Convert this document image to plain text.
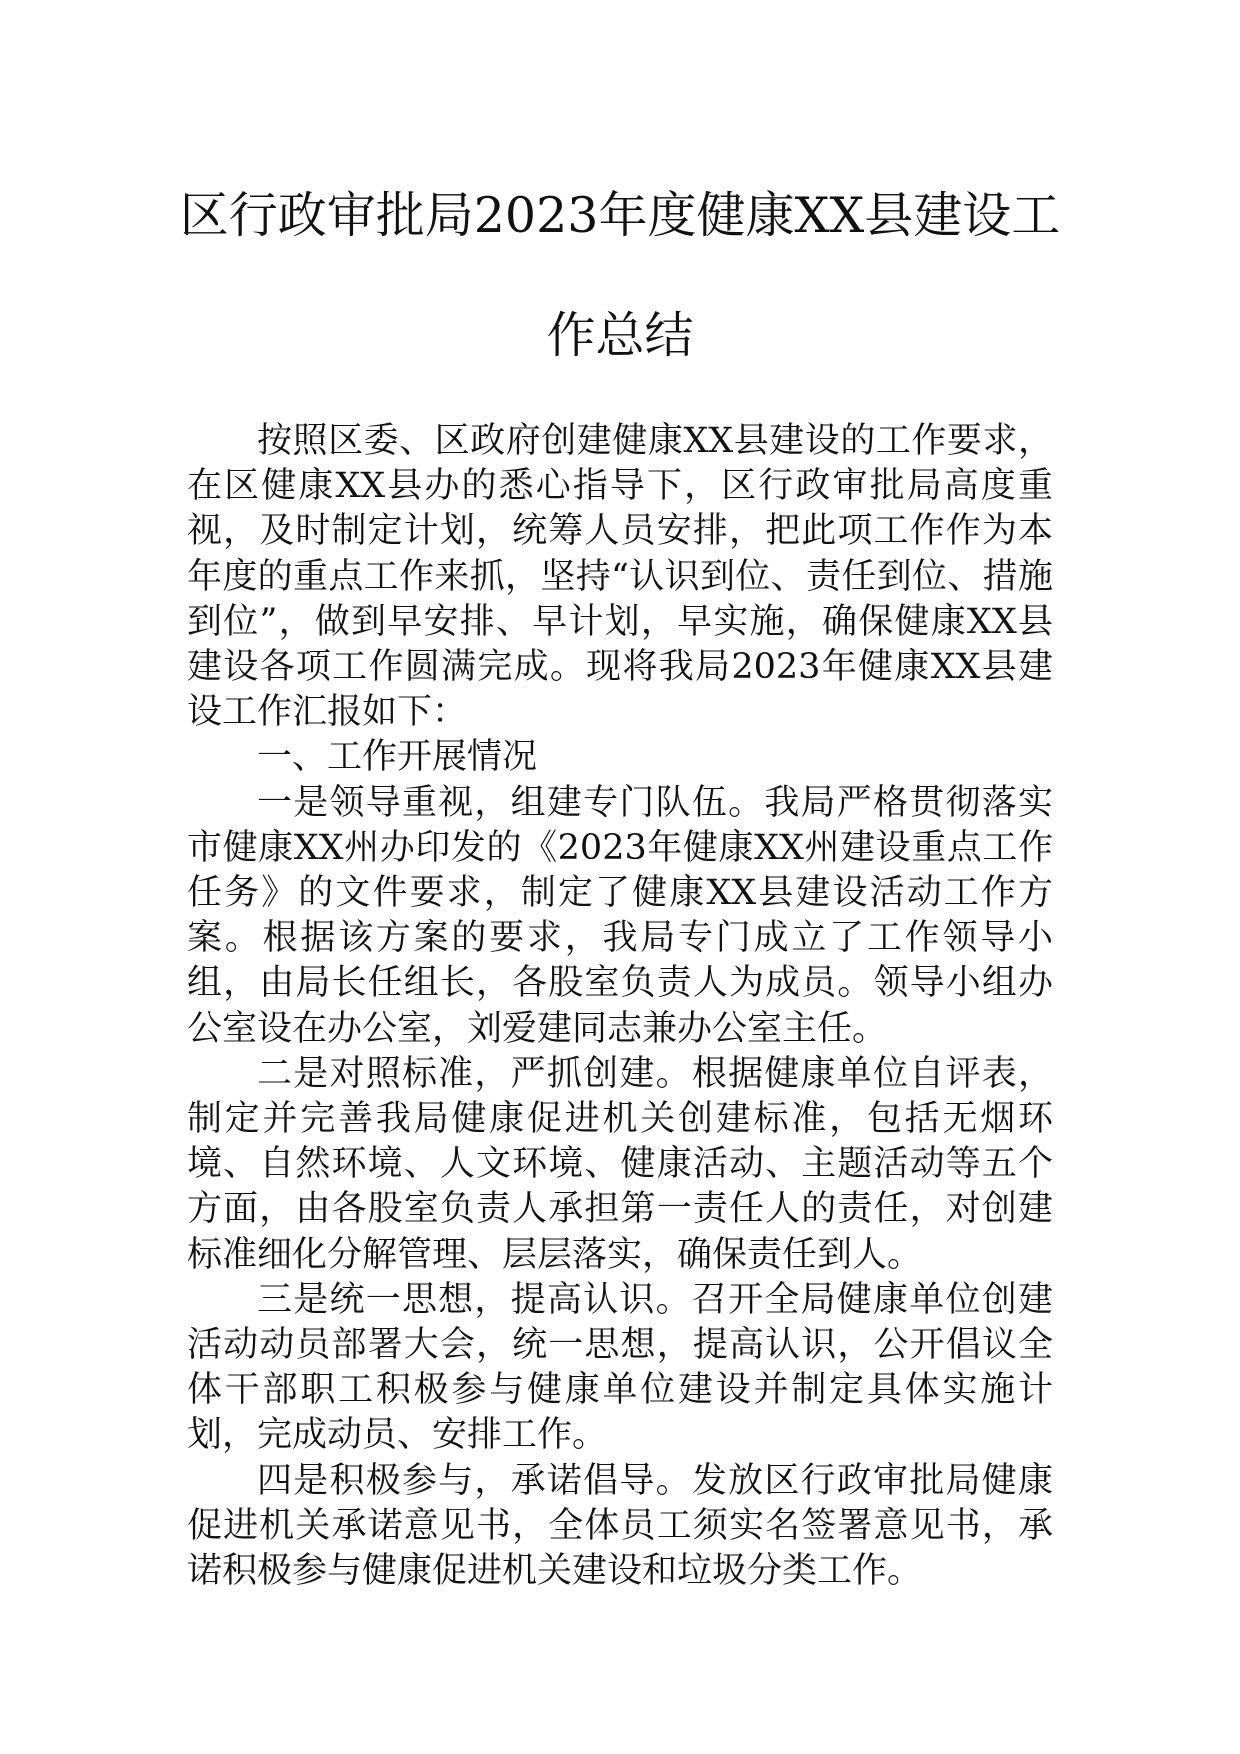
区行政审批局2023年度健康XX县建设工
作总结

按照区委、区政府创建健康XX县建设的工作要求，在区健康XX县办的悉心指导下，区行政审批局高度重视，及时制定计划，统筹人员安排，把此项工作作为本年度的重点工作来抓，坚持“认识到位、责任到位、措施到位”，做到早安排、早计划，早实施，确保健康XX县建设各项工作圆满完成。现将我局2023年健康XX县建设工作汇报如下：

一、工作开展情况

一是领导重视，组建专门队伍。我局严格贯彻落实市健康XX州办印发的《2023年健康XX州建设重点工作任务》的文件要求，制定了健康XX县建设活动工作方案。根据该方案的要求，我局专门成立了工作领导小组，由局长任组长，各股室负责人为成员。领导小组办公室设在办公室，刘爱建同志兼办公室主任。

二是对照标准，严抓创建。根据健康单位自评表，制定并完善我局健康促进机关创建标准，包括无烟环境、自然环境、人文环境、健康活动、主题活动等五个方面，由各股室负责人承担第一责任人的责任，对创建标准细化分解管理、层层落实，确保责任到人。

三是统一思想，提高认识。召开全局健康单位创建活动动员部署大会，统一思想，提高认识，公开倡议全体干部职工积极参与健康单位建设并制定具体实施计划，完成动员、安排工作。

四是积极参与，承诺倡导。发放区行政审批局健康促进机关承诺意见书，全体员工须实名签署意见书，承诺积极参与健康促进机关建设和垃圾分类工作。
